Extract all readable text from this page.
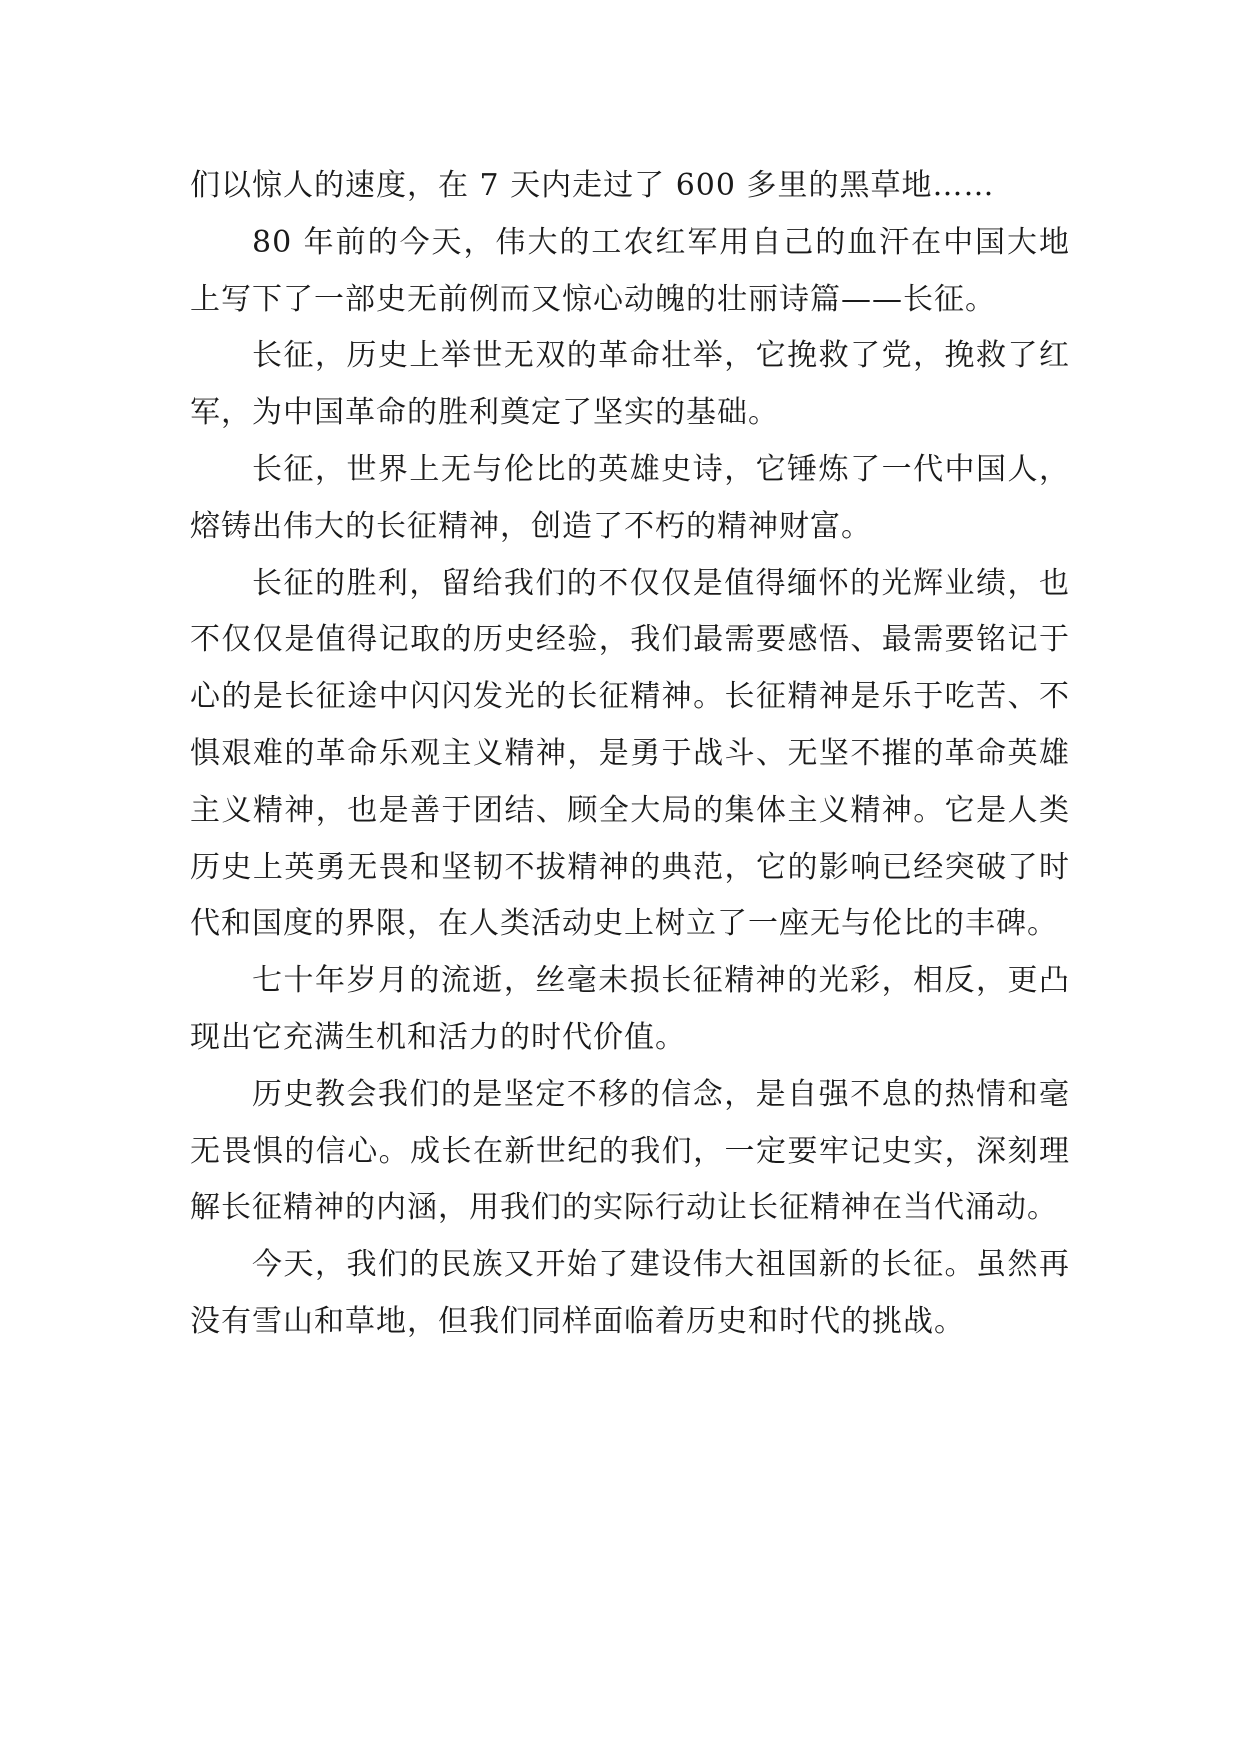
们以惊人的速度，在 7 天内走过了 600 多里的黑草地……

80 年前的今天，伟大的工农红军用自己的血汗在中国大地上写下了一部史无前例而又惊心动魄的壮丽诗篇——长征。

长征，历史上举世无双的革命壮举，它挽救了党，挽救了红军，为中国革命的胜利奠定了坚实的基础。

长征，世界上无与伦比的英雄史诗，它锤炼了一代中国人，熔铸出伟大的长征精神，创造了不朽的精神财富。

长征的胜利，留给我们的不仅仅是值得缅怀的光辉业绩，也不仅仅是值得记取的历史经验，我们最需要感悟、最需要铭记于心的是长征途中闪闪发光的长征精神。长征精神是乐于吃苦、不惧艰难的革命乐观主义精神，是勇于战斗、无坚不摧的革命英雄主义精神，也是善于团结、顾全大局的集体主义精神。它是人类历史上英勇无畏和坚韧不拔精神的典范，它的影响已经突破了时代和国度的界限，在人类活动史上树立了一座无与伦比的丰碑。

七十年岁月的流逝，丝毫未损长征精神的光彩，相反，更凸现出它充满生机和活力的时代价值。

历史教会我们的是坚定不移的信念，是自强不息的热情和毫无畏惧的信心。成长在新世纪的我们，一定要牢记史实，深刻理解长征精神的内涵，用我们的实际行动让长征精神在当代涌动。

今天，我们的民族又开始了建设伟大祖国新的长征。虽然再没有雪山和草地，但我们同样面临着历史和时代的挑战。
